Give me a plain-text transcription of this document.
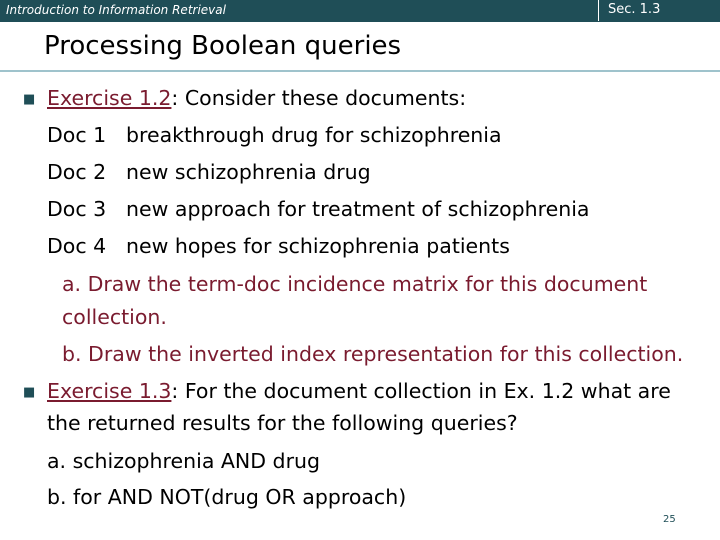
Introduction to Information Retrieval	Sec. 1.3
Processing Boolean queries
■ Exercise 1.2: Consider these documents:
Doc 1 breakthrough drug for schizophrenia
Doc 2 new schizophrenia drug
Doc 3 new approach for treatment of schizophrenia
Doc 4 new hopes for schizophrenia patients
a. Draw the term-doc incidence matrix for this document
collection.
b. Draw the inverted index representation for this collection.
■ Exercise 1.3: For the document collection in Ex. 1.2 what are
the returned results for the following queries?
a. schizophrenia AND drug
b. for AND NOT(drug OR approach)
25
